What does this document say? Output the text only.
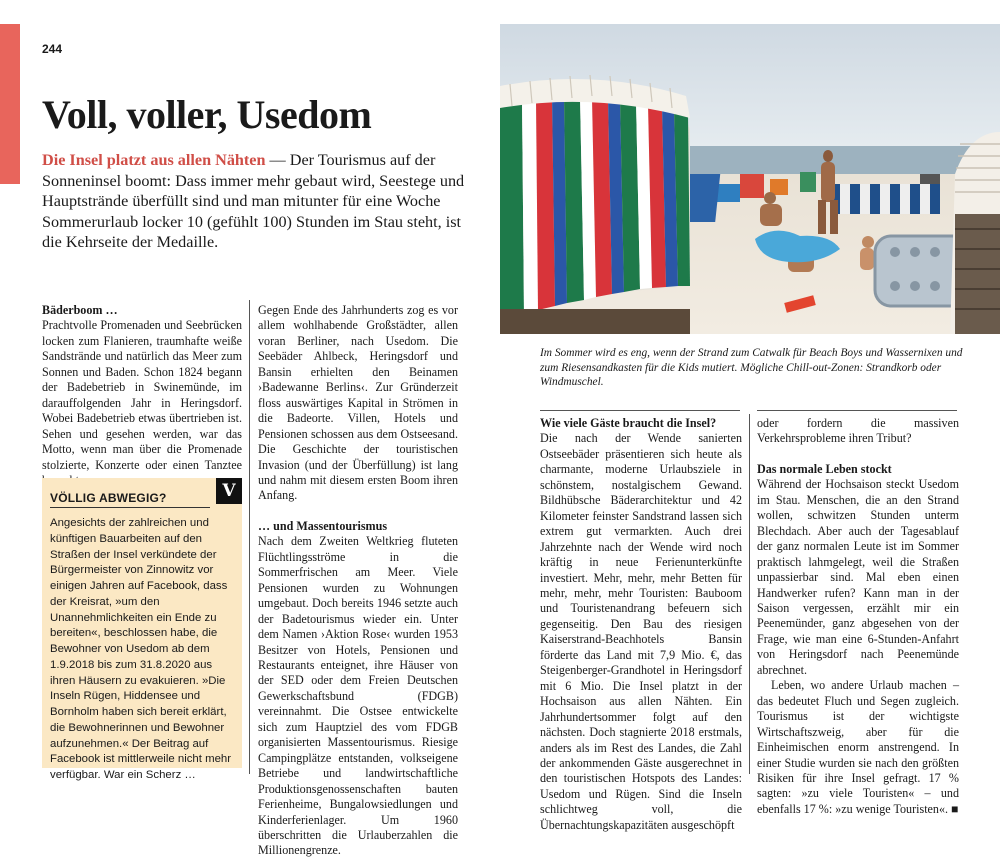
244
Voll, voller, Usedom

Die Insel platzt aus allen Nähten — Der Tourismus auf der Sonneninsel boomt: Dass immer mehr gebaut wird, Seestege und Hauptstrände überfüllt sind und man mitunter für eine Woche Sommerurlaub locker 10 (gefühlt 100) Stunden im Stau steht, ist die Kehrseite der Medaille.

Bäderboom …

Prachtvolle Promenaden und Seebrücken locken zum Flanieren, traumhafte weiße Sandstrände und natürlich das Meer zum Sonnen und Baden. Schon 1824 begann der Badebetrieb in Swinemünde, im darauffolgenden Jahr in Heringsdorf. Wobei Badebetrieb etwas übertrieben ist. Sehen und gesehen werden, war das Motto, wenn man über die Promenade stolzierte, Konzerte oder einen Tanztee

V
VÖLLIG ABWEGIG?

Angesichts der zahlreichen und künftigen Bauarbeiten auf den Straßen der Insel verkündete der Bürgermeister von Zinnowitz vor einigen Jahren auf Facebook, dass der Kreisrat, »um den Unannehmlichkeiten ein Ende zu bereiten«, beschlossen habe, die Bewohner von Usedom ab dem 1.9.2018 bis zum 31.8.2020 aus ihren Häusern zu evakuieren. »Die Inseln Rügen, Hiddensee und Bornholm haben sich bereit erklärt, die Bewohnerinnen und Bewohner aufzunehmen.« Der Beitrag auf Facebook ist mittlerweile nicht mehr verfügbar. War ein Scherz …

Gegen Ende des Jahrhunderts zog es vor allem wohlhabende Großstädter, allen voran Berliner, nach Usedom. Die Seebäder Ahlbeck, Heringsdorf und Bansin erhielten den Beinamen ›Badewanne Berlins‹. Zur Gründerzeit floss auswärtiges Kapital in Strömen in die Badeorte. Villen, Hotels und Pensionen schossen aus dem Ostseesand. Die Geschichte der touristischen Invasion (und der Überfüllung) ist lang und nahm mit diesem ersten Boom ihren Anfang.

… und Massentourismus

Nach dem Zweiten Weltkrieg fluteten Flüchtlingsströme in die Sommerfrischen am Meer. Viele Pensionen wurden zu Wohnungen umgebaut. Doch bereits 1946 setzte auch der Badetourismus wieder ein. Unter dem Namen ›Aktion Rose‹ wurden 1953 Besitzer von Hotels, Pensionen und Restaurants enteignet, ihre Häuser von der SED oder dem Freien Deutschen Gewerkschaftsbund (FDGB) vereinnahmt. Die Ostsee entwickelte sich zum Hauptziel des vom FDGB organisierten Massentourismus. Riesige Campingplätze entstanden, volkseigene Betriebe und landwirtschaftliche Produktionsgenossenschaften bauten Ferienheime, Bungalowsiedlungen und Kinderferienlager. Um 1960 überschritten die Urlauberzahlen die Millionengrenze.

Im Sommer wird es eng, wenn der Strand zum Catwalk für Beach Boys und Wassernixen und zum Riesensandkasten für die Kids mutiert. Mögliche Chill-out-Zonen: Strandkorb oder Windmuschel.

Wie viele Gäste braucht die Insel?

Die nach der Wende sanierten Ostseebäder präsentieren sich heute als charmante, moderne Urlaubsziele in schönstem, nostalgischem Gewand. Bildhübsche Bäderarchitektur und 42 Kilometer feinster Sandstrand lassen sich extrem gut vermarkten. Auch drei Jahrzehnte nach der Wende wird noch kräftig in neue Ferienunterkünfte investiert. Mehr, mehr, mehr Betten für mehr, mehr, mehr Touristen: Bauboom und Touristenandrang befeuern sich gegenseitig. Den Bau des riesigen Kaiserstrand-Beachhotels Bansin förderte das Land mit 7,9 Mio. €, das Steigenberger-Grandhotel in Heringsdorf mit 6 Mio. Die Insel platzt in der Hochsaison aus allen Nähten. Ein Jahrhundertsommer folgt auf den nächsten. Doch stagnierte 2018 erstmals, anders als im Rest des Landes, die Zahl der ankommenden Gäste ausgerechnet in den touristischen Hotspots des Landes: Usedom und Rügen. Sind die Inseln schlichtweg voll, die Übernachtungskapazitäten ausgeschöpft

oder fordern die massiven Verkehrsprobleme ihren Tribut?

Das normale Leben stockt

Während der Hochsaison steckt Usedom im Stau. Menschen, die an den Strand wollen, schwitzen Stunden unterm Blechdach. Aber auch der Tagesablauf der ganz normalen Leute ist im Sommer praktisch lahmgelegt, weil die Straßen unpassierbar sind. Mal eben einen Handwerker rufen? Kann man in der Saison vergessen, erzählt mir ein Peenemünder, ganz abgesehen von der Frage, wie man eine 6-Stunden-Anfahrt von Heringsdorf nach Peenemünde abrechnet.

Leben, wo andere Urlaub machen – das bedeutet Fluch und Segen zugleich. Tourismus ist der wichtigste Wirtschaftszweig, aber für die Einheimischen enorm anstrengend. In einer Studie wurden sie nach den größten Risiken für ihre Insel gefragt. 17 % sagten: »zu viele Touristen« – und ebenfalls 17 %: »zu wenige Touristen«. ■
